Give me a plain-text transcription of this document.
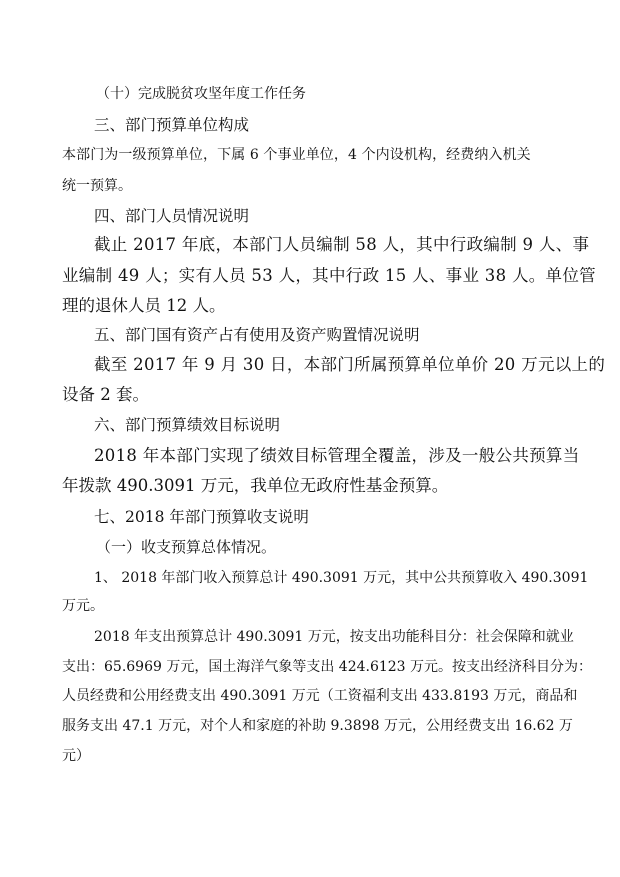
（十）完成脱贫攻坚年度工作任务
三、部门预算单位构成
本部门为一级预算单位，下属 6 个事业单位，4 个内设机构，经费纳入机关
统一预算。
四、部门人员情况说明
截止 2017 年底，本部门人员编制 58 人，其中行政编制 9 人、事
业编制 49 人；实有人员 53 人，其中行政 15 人、事业 38 人。单位管
理的退休人员 12 人。
五、部门国有资产占有使用及资产购置情况说明
截至 2017 年 9 月 30 日，本部门所属预算单位单价 20 万元以上的
设备 2 套。
六、部门预算绩效目标说明
2018 年本部门实现了绩效目标管理全覆盖，涉及一般公共预算当
年拨款 490.3091 万元，我单位无政府性基金预算。
七、2018 年部门预算收支说明
（一）收支预算总体情况。
1、 2018 年部门收入预算总计 490.3091 万元，其中公共预算收入 490.3091
万元。
2018 年支出预算总计 490.3091 万元，按支出功能科目分：社会保障和就业
支出：65.6969 万元，国土海洋气象等支出 424.6123 万元。按支出经济科目分为：
人员经费和公用经费支出 490.3091 万元（工资福利支出 433.8193 万元，商品和
服务支出 47.1 万元，对个人和家庭的补助 9.3898 万元，公用经费支出 16.62 万
元）
